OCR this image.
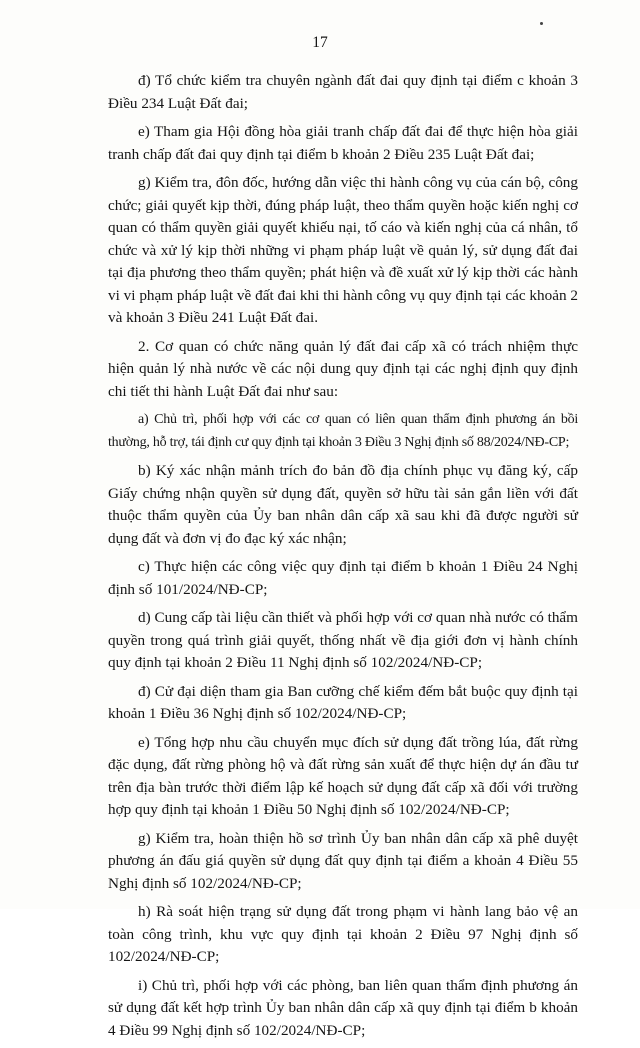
17

đ) Tổ chức kiểm tra chuyên ngành đất đai quy định tại điểm c khoản 3 Điều 234 Luật Đất đai;

e) Tham gia Hội đồng hòa giải tranh chấp đất đai để thực hiện hòa giải tranh chấp đất đai quy định tại điểm b khoản 2 Điều 235 Luật Đất đai;

g) Kiểm tra, đôn đốc, hướng dẫn việc thi hành công vụ của cán bộ, công chức; giải quyết kịp thời, đúng pháp luật, theo thẩm quyền hoặc kiến nghị cơ quan có thẩm quyền giải quyết khiếu nại, tố cáo và kiến nghị của cá nhân, tổ chức và xử lý kịp thời những vi phạm pháp luật về quản lý, sử dụng đất đai tại địa phương theo thẩm quyền; phát hiện và đề xuất xử lý kịp thời các hành vi vi phạm pháp luật về đất đai khi thi hành công vụ quy định tại các khoản 2 và khoản 3 Điều 241 Luật Đất đai.

2. Cơ quan có chức năng quản lý đất đai cấp xã có trách nhiệm thực hiện quản lý nhà nước về các nội dung quy định tại các nghị định quy định chi tiết thi hành Luật Đất đai như sau:

a) Chủ trì, phối hợp với các cơ quan có liên quan thẩm định phương án bồi thường, hỗ trợ, tái định cư quy định tại khoản 3 Điều 3 Nghị định số 88/2024/NĐ-CP;

b) Ký xác nhận mảnh trích đo bản đồ địa chính phục vụ đăng ký, cấp Giấy chứng nhận quyền sử dụng đất, quyền sở hữu tài sản gắn liền với đất thuộc thẩm quyền của Ủy ban nhân dân cấp xã sau khi đã được người sử dụng đất và đơn vị đo đạc ký xác nhận;

c) Thực hiện các công việc quy định tại điểm b khoản 1 Điều 24 Nghị định số 101/2024/NĐ-CP;

d) Cung cấp tài liệu cần thiết và phối hợp với cơ quan nhà nước có thẩm quyền trong quá trình giải quyết, thống nhất về địa giới đơn vị hành chính quy định tại khoản 2 Điều 11 Nghị định số 102/2024/NĐ-CP;

đ) Cử đại diện tham gia Ban cưỡng chế kiểm đếm bắt buộc quy định tại khoản 1 Điều 36 Nghị định số 102/2024/NĐ-CP;

e) Tổng hợp nhu cầu chuyển mục đích sử dụng đất trồng lúa, đất rừng đặc dụng, đất rừng phòng hộ và đất rừng sản xuất để thực hiện dự án đầu tư trên địa bàn trước thời điểm lập kế hoạch sử dụng đất cấp xã đối với trường hợp quy định tại khoản 1 Điều 50 Nghị định số 102/2024/NĐ-CP;

g) Kiểm tra, hoàn thiện hồ sơ trình Ủy ban nhân dân cấp xã phê duyệt phương án đấu giá quyền sử dụng đất quy định tại điểm a khoản 4 Điều 55 Nghị định số 102/2024/NĐ-CP;

h) Rà soát hiện trạng sử dụng đất trong phạm vi hành lang bảo vệ an toàn công trình, khu vực quy định tại khoản 2 Điều 97 Nghị định số 102/2024/NĐ-CP;

i) Chủ trì, phối hợp với các phòng, ban liên quan thẩm định phương án sử dụng đất kết hợp trình Ủy ban nhân dân cấp xã quy định tại điểm b khoản 4 Điều 99 Nghị định số 102/2024/NĐ-CP;
